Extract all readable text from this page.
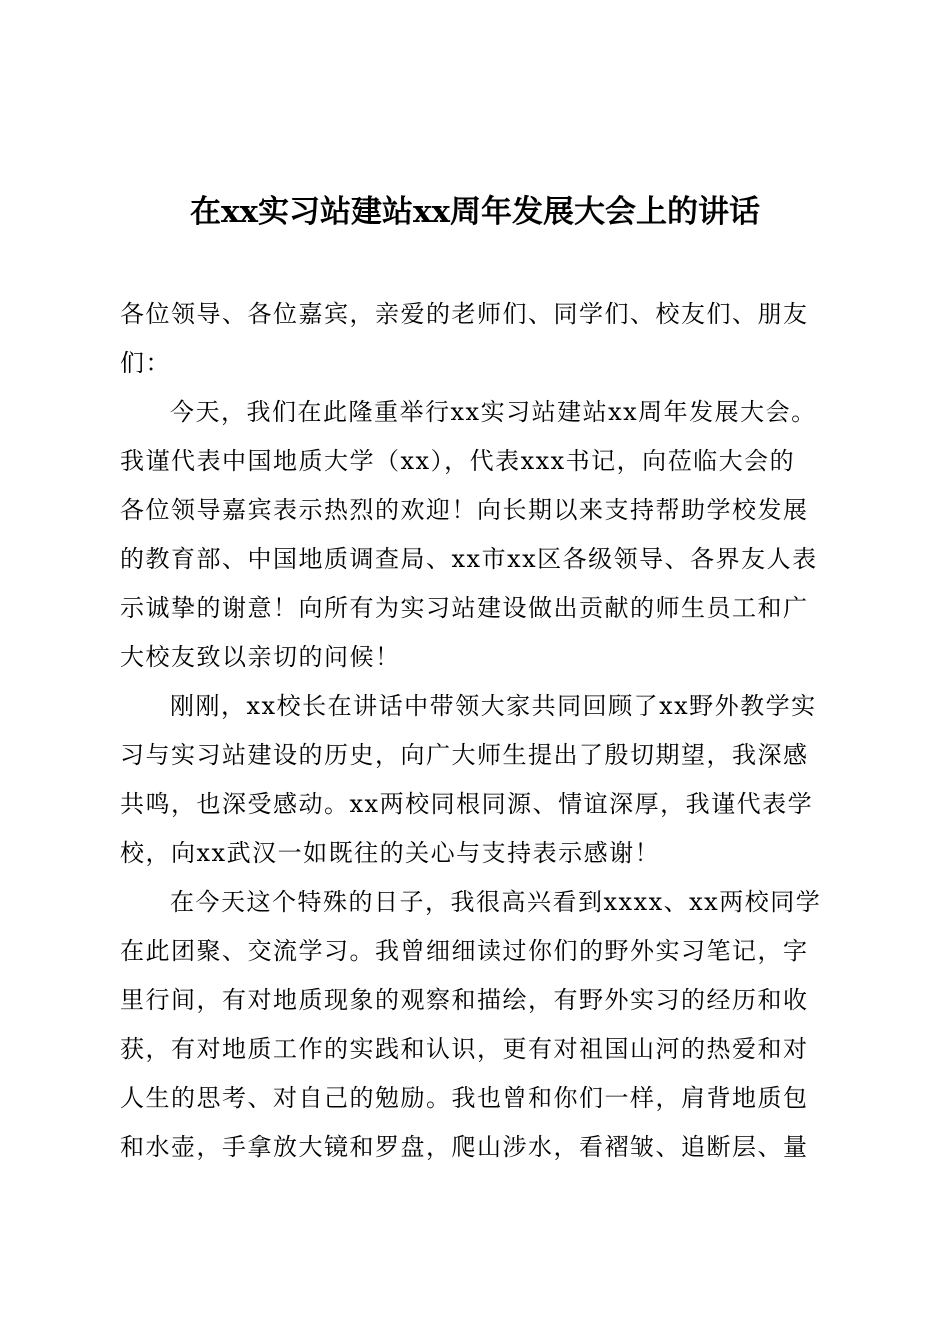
在xx实习站建站xx周年发展大会上的讲话
各位领导、各位嘉宾，亲爱的老师们、同学们、校友们、朋友
们：
今天，我们在此隆重举行xx实习站建站xx周年发展大会。
我谨代表中国地质大学（xx），代表xxx书记，向莅临大会的
各位领导嘉宾表示热烈的欢迎！向长期以来支持帮助学校发展
的教育部、中国地质调查局、xx市xx区各级领导、各界友人表
示诚挚的谢意！向所有为实习站建设做出贡献的师生员工和广
大校友致以亲切的问候！
刚刚，xx校长在讲话中带领大家共同回顾了xx野外教学实
习与实习站建设的历史，向广大师生提出了殷切期望，我深感
共鸣，也深受感动。xx两校同根同源、情谊深厚，我谨代表学
校，向xx武汉一如既往的关心与支持表示感谢！
在今天这个特殊的日子，我很高兴看到xxxx、xx两校同学
在此团聚、交流学习。我曾细细读过你们的野外实习笔记，字
里行间，有对地质现象的观察和描绘，有野外实习的经历和收
获，有对地质工作的实践和认识，更有对祖国山河的热爱和对
人生的思考、对自己的勉励。我也曾和你们一样，肩背地质包
和水壶，手拿放大镜和罗盘，爬山涉水，看褶皱、追断层、量
